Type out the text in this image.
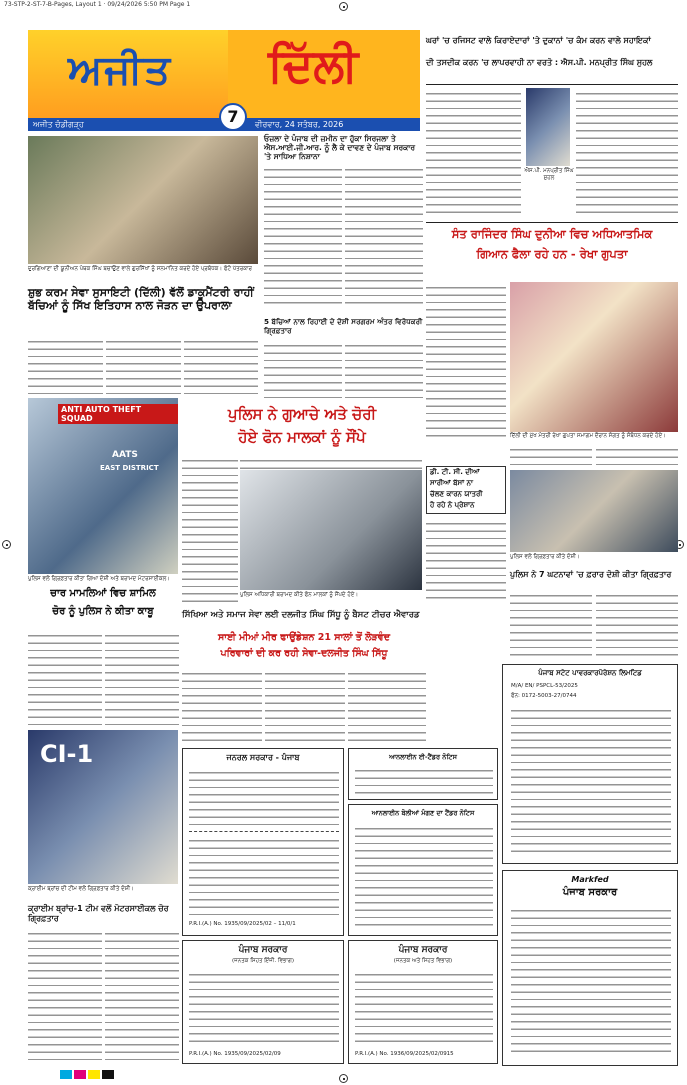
73-STP-2-ST-7-B-Pages, Layout 1 · 09/24/2026 5:50 PM Page 1
ਅਜੀਤ ਦਿੱਲੀ
ਅਜੀਤ ਚੰਡੀਗੜ੍ਹ	ਵੀਰਵਾਰ, 24 ਸਤੰਬਰ, 2026
7
ਘਰਾਂ 'ਚ ਰਜਿਸਟ ਵਾਲੇ ਕਿਰਾਏਦਾਰਾਂ 'ਤੇ ਦੁਕਾਨਾਂ 'ਚ ਕੰਮ ਕਰਨ ਵਾਲੇ ਸਹਾਇਕਾਂ
ਦੀ ਤਸਦੀਕ ਕਰਨ 'ਚ ਲਾਪਰਵਾਹੀ ਨਾ ਵਰਤੋ : ਐਸ.ਪੀ. ਮਨਪ੍ਰੀਤ ਸਿੰਘ ਸੁਹਲ
ਐਸ.ਪੀ. ਮਨਪ੍ਰੀਤ ਸਿੰਘ ਸੁਹਲ
ਓਜ਼ਲਾ ਦੇ ਪੰਜਾਬ ਦੀ ਜ਼ਮੀਨ ਦਾ ਹੁੱਕਾ ਸਿਰਜਲਾ ਤੇ ਐਸ.ਆਈ.ਜੀ.ਆਰ. ਨੂੰ ਲੈ ਕੇ ਦਾਵਣ ਦੇ ਪੰਜਾਬ ਸਰਕਾਰ 'ਤੇ ਸਾਧਿਆ ਨਿਸ਼ਾਨਾ
ਦੁਰਗਿਆਣਾ ਦੀ ਯੂਨੀਅਨ ਪੰਥਕ ਸਿੰਘ ਬਚਾਉਣ ਵਾਲੇ ਗੁਰਸਿੱਖਾਂ ਨੂੰ ਸਨਮਾਨਿਤ ਕਰਦੇ ਹੋਏ ਪ੍ਰਬੰਧਕ। ਫੋਟੋ ਪੱਤਰਕਾਰ
ਸ਼ੁਭ ਕਰਮ ਸੇਵਾ ਸੁਸਾਇਟੀ (ਦਿੱਲੀ) ਵੱਲੋਂ ਡਾਕੂਮੈਂਟਰੀ ਰਾਹੀਂ ਬੱਚਿਆਂ ਨੂੰ ਸਿੱਖ ਇਤਿਹਾਸ ਨਾਲ ਜੋੜਨ ਦਾ ਉਪਰਾਲਾ
5 ਬੱਚਿਆਂ ਨਾਲ ਰਿਹਾਈ ਦੇ ਦੋਸ਼ੀ ਸਰਗਰਮ ਅੰਤਰ ਵਿਰੋਧਕਰੀ ਗ੍ਰਿਫ਼ਤਾਰ
ਸੰਤ ਰਾਜਿੰਦਰ ਸਿੰਘ ਦੁਨੀਆ ਵਿਚ ਅਧਿਆਤਮਿਕ
ਗਿਆਨ ਫੈਲਾ ਰਹੇ ਹਨ - ਰੇਖਾ ਗੁਪਤਾ
ਦਿੱਲੀ ਦੀ ਮੁੱਖ ਮੰਤਰੀ ਰੇਖਾ ਗੁਪਤਾ ਸਮਾਗਮ ਦੌਰਾਨ ਸੰਗਤ ਨੂੰ ਸੰਬੋਧਨ ਕਰਦੇ ਹੋਏ।
ANTI AUTO THEFT SQUAD
AATS
EAST DISTRICT
ਪੁਲਿਸ ਵਲੋਂ ਗ੍ਰਿਫ਼ਤਾਰ ਕੀਤਾ ਗਿਆ ਦੋਸ਼ੀ ਅਤੇ ਬਰਾਮਦ ਮੋਟਰਸਾਈਕਲ।
ਪੁਲਿਸ ਨੇ ਗੁਆਚੇ ਅਤੇ ਚੋਰੀ
ਹੋਏ ਫੋਨ ਮਾਲਕਾਂ ਨੂੰ ਸੌਂਪੇ
ਪੁਲਿਸ ਅਧਿਕਾਰੀ ਬਰਾਮਦ ਕੀਤੇ ਫੋਨ ਮਾਲਕਾਂ ਨੂੰ ਸੌਂਪਦੇ ਹੋਏ।
ਚਾਰ ਮਾਮਲਿਆਂ ਵਿਚ ਸ਼ਾਮਿਲ
ਚੋਰ ਨੂੰ ਪੁਲਿਸ ਨੇ ਕੀਤਾ ਕਾਬੂ
ਡੀ. ਟੀ. ਸੀ. ਦੀਆਂ
ਸਾਰੀਆਂ ਬੱਸਾਂ ਨਾ
ਚੱਲਣ ਕਾਰਨ ਯਾਤਰੀ
ਹੋ ਰਹੇ ਨੇ ਪ੍ਰੇਸ਼ਾਨ
ਪੁਲਿਸ ਵਲੋਂ ਗ੍ਰਿਫ਼ਤਾਰ ਕੀਤੇ ਦੋਸ਼ੀ।
ਪੁਲਿਸ ਨੇ 7 ਘਟਨਾਵਾਂ 'ਚ ਫ਼ਰਾਰ ਦੋਸ਼ੀ ਕੀਤਾ ਗ੍ਰਿਫ਼ਤਾਰ
ਸਿੱਖਿਆ ਅਤੇ ਸਮਾਜ ਸੇਵਾ ਲਈ ਦਲਜੀਤ ਸਿੰਘ ਸਿੱਧੂ ਨੂੰ ਬੈਸਟ ਟੀਚਰ ਐਵਾਰਡ
ਸਾਈ ਮੀਆਂ ਮੀਰ ਫਾਉਂਡੇਸ਼ਨ 21 ਸਾਲਾਂ ਤੋਂ ਲੋੜਵੰਦ
ਪਰਿਵਾਰਾਂ ਦੀ ਕਰ ਰਹੀ ਸੇਵਾ-ਦਲਜੀਤ ਸਿੰਘ ਸਿੱਧੂ
CI-1
ਕ੍ਰਾਈਮ ਬ੍ਰਾਂਚ ਦੀ ਟੀਮ ਵਲੋਂ ਗ੍ਰਿਫ਼ਤਾਰ ਕੀਤੇ ਦੋਸ਼ੀ।
ਕ੍ਰਾਈਮ ਬ੍ਰਾਂਚ-1 ਟੀਮ ਵਲੋਂ ਮੋਟਰਸਾਈਕਲ ਚੋਰ ਗ੍ਰਿਫ਼ਤਾਰ
ਜਨਰਲ ਸਰਕਾਰ - ਪੰਜਾਬ
P.R.I.(A.) No. 1935/09/2025/02 – 11/0/1
ਆਨਲਾਈਨ ਈ-ਟੈਂਡਰ ਨੋਟਿਸ
ਆਨਲਾਈਨ ਬੋਲੀਆਂ ਮੰਗਣ ਦਾ ਟੈਂਡਰ ਨੋਟਿਸ
ਪੰਜਾਬ ਸਟੇਟ ਪਾਵਰਕਾਰਪੋਰੇਸ਼ਨ ਲਿਮਟਿਡ
M/A/ EN/ PSPCL-53/2025
ਫੋਨ: 0172-5003-27/0744
Markfed
ਪੰਜਾਬ ਸਰਕਾਰ
ਪੰਜਾਬ ਸਰਕਾਰ
(ਜਨਤਕ ਸਿਹਤ ਇੰਜੀ. ਵਿਭਾਗ)
P.R.I.(A.) No. 1935/09/2025/02/09
ਪੰਜਾਬ ਸਰਕਾਰ
(ਜਨਤਕ ਅਤੇ ਸਿਹਤ ਵਿਭਾਗ)
P.R.I.(A.) No. 1936/09/2025/02/0915
